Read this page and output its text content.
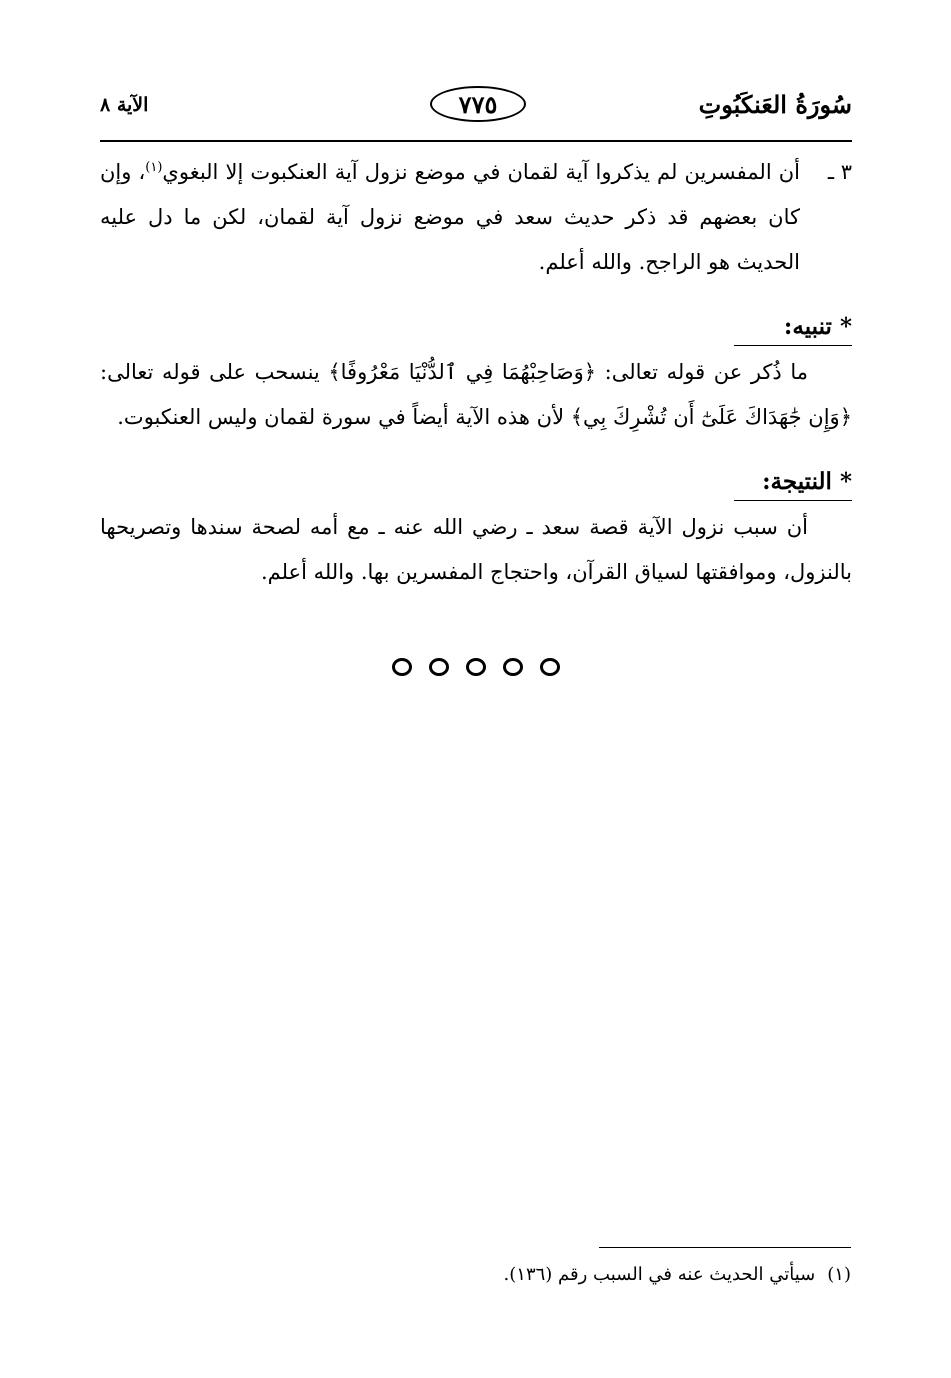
سُورَةُ العَنكَبُوتِ
٧٧٥
الآية ٨
٣ ـ

أن المفسرين لم يذكروا آية لقمان في موضع نزول آية العنكبوت إلا البغوي$^{(١)}$، وإن كان بعضهم قد ذكر حديث سعد في موضع نزول آية لقمان، لكن ما دل عليه الحديث هو الراجح. والله أعلم.

* تنبيه:

ما ذُكر عن قوله تعالى: ﴿وَصَاحِبْهُمَا فِي ٱلدُّنْيَا مَعْرُوفًا﴾ ينسحب على قوله تعالى: ﴿وَإِن جَٰهَدَاكَ عَلَىٰٓ أَن تُشْرِكَ بِي﴾ لأن هذه الآية أيضاً في سورة لقمان وليس العنكبوت.

* النتيجة:

أن سبب نزول الآية قصة سعد ـ رضي الله عنه ـ مع أمه لصحة سندها وتصريحها بالنزول، وموافقتها لسياق القرآن، واحتجاج المفسرين بها. والله أعلم.

(١)سيأتي الحديث عنه في السبب رقم (١٣٦).
